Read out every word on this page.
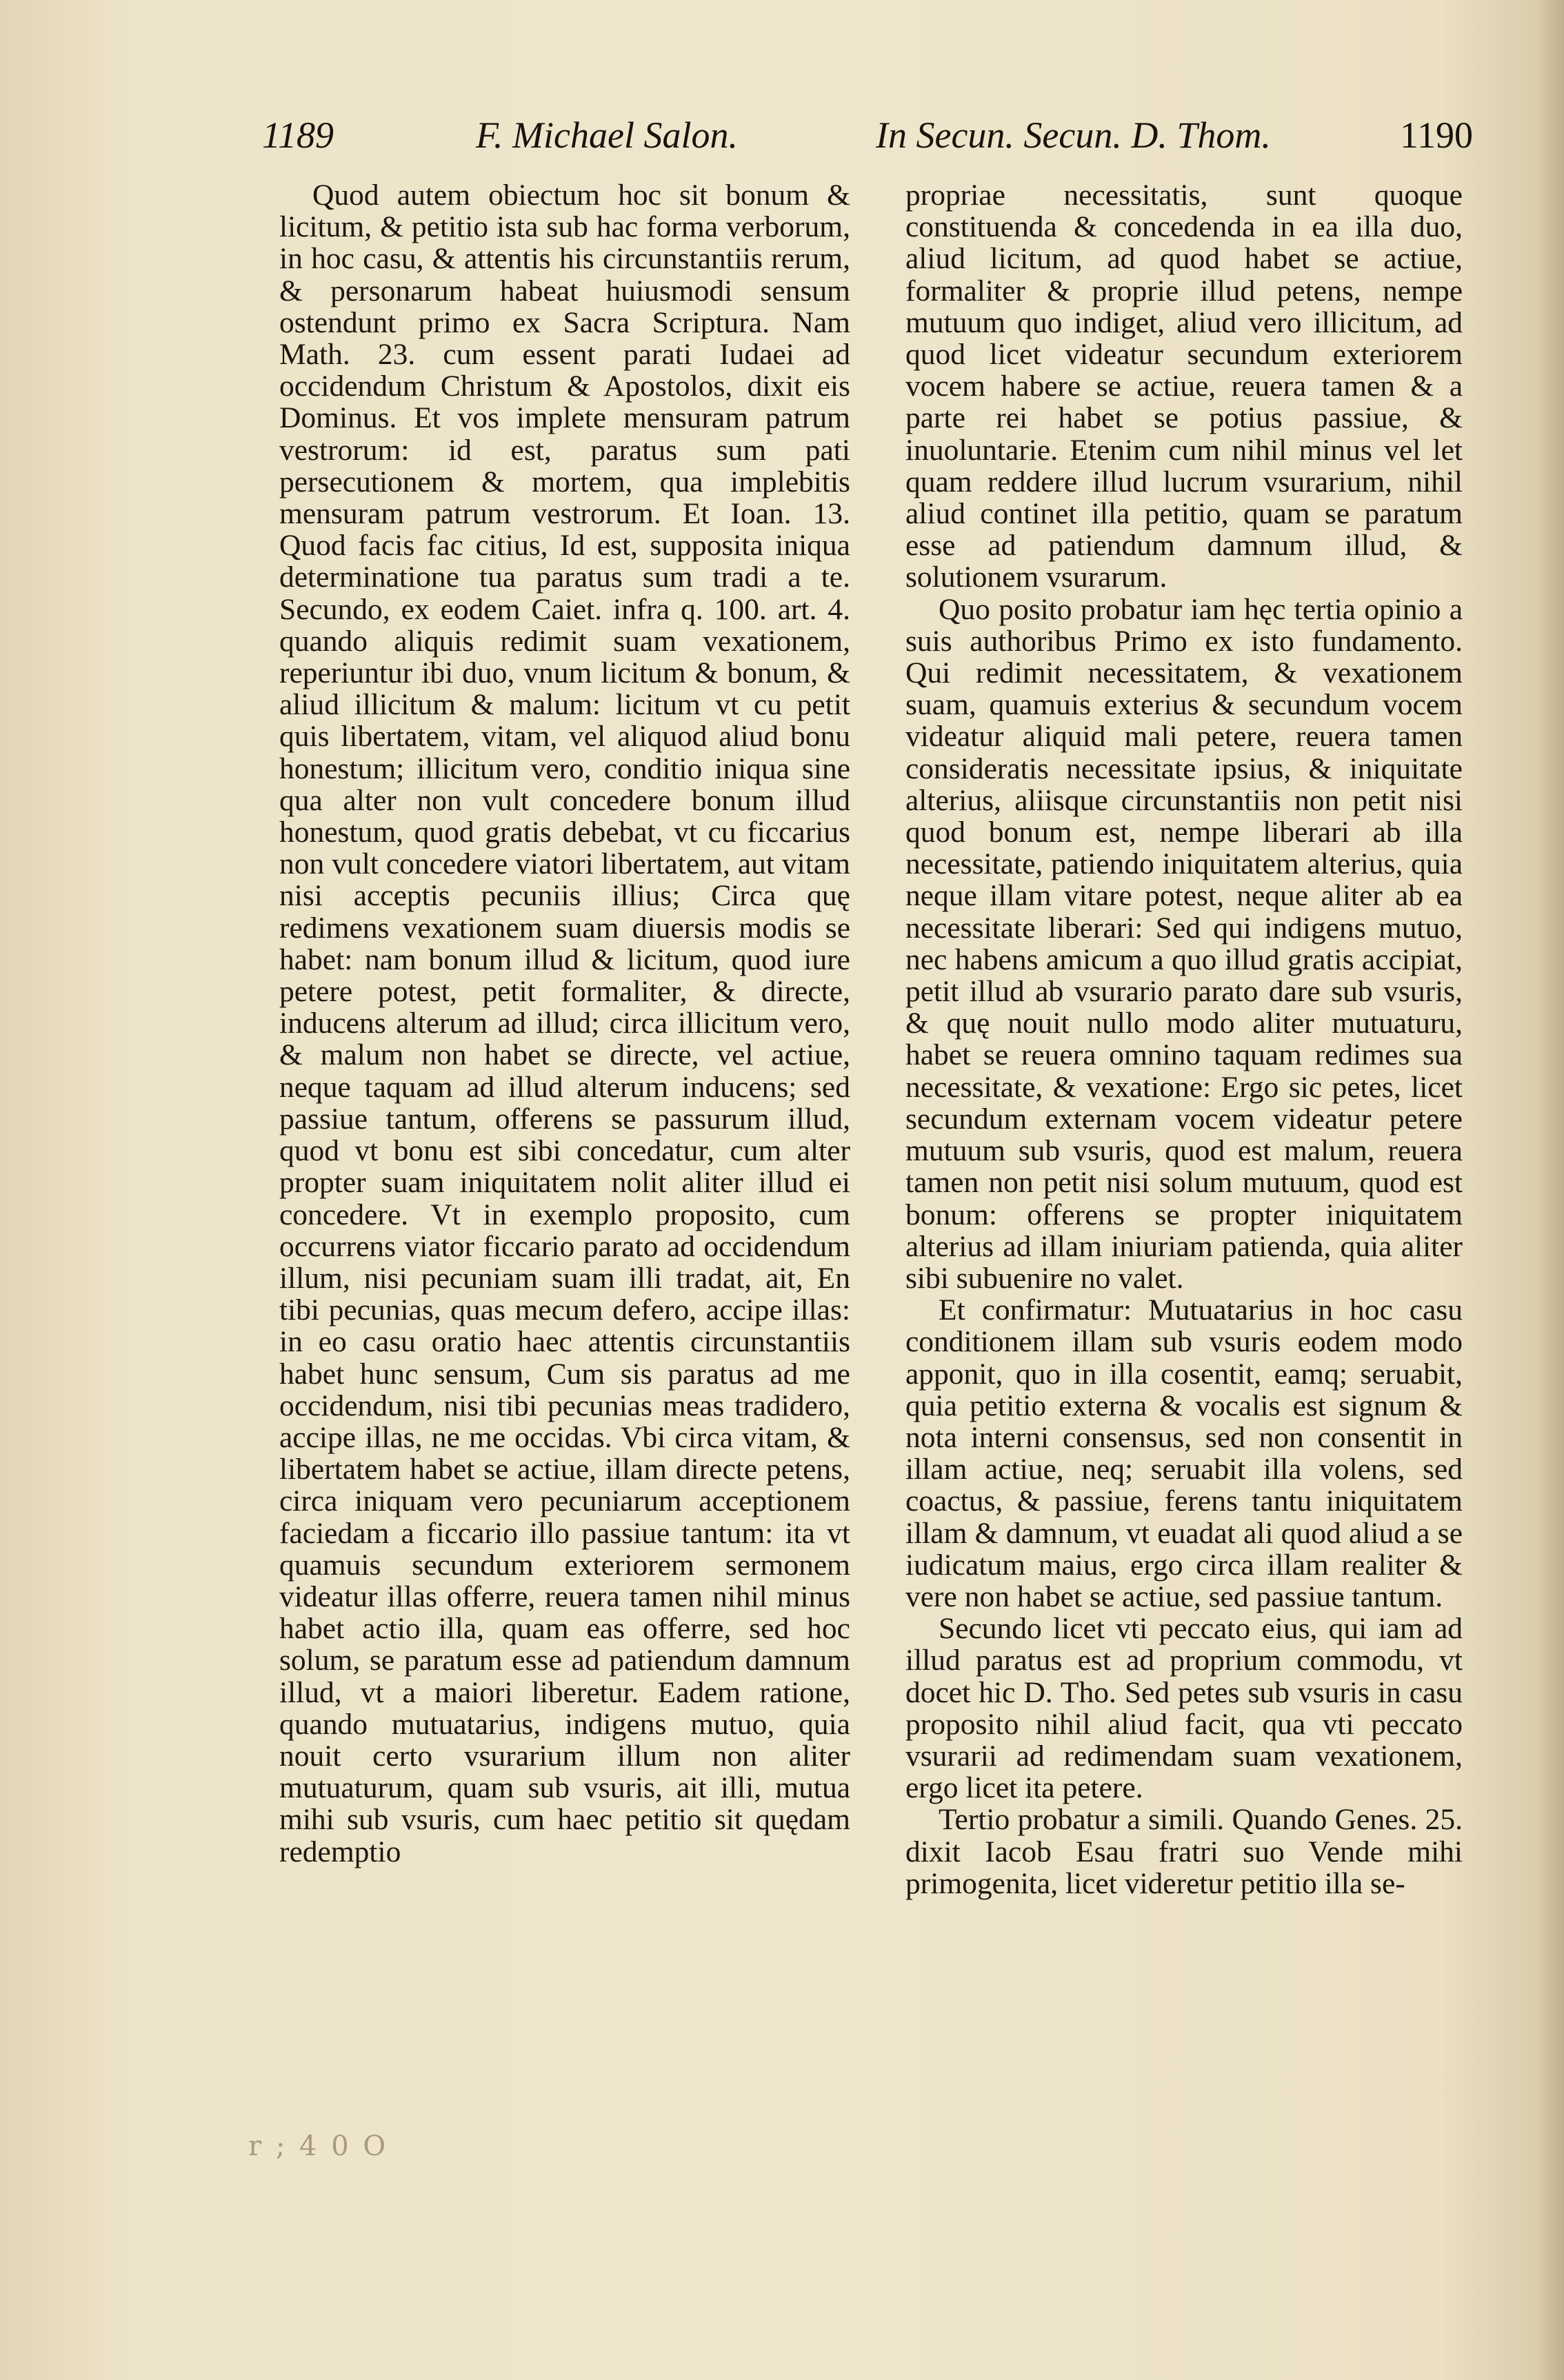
1189	F. Michael Salon.	In Secun. Secun. D. Thom.	1190

Quod autem obiectum hoc sit bonum & licitum, & petitio ista sub hac forma verborum, in hoc casu, & attentis his circunstantiis rerum, & personarum habeat huiusmodi sensum ostendunt primo ex Sacra Scriptura. Nam Math. 23. cum essent parati Iudaei ad occidendum Christum & Apostolos, dixit eis Dominus. Et vos implete mensuram patrum vestrorum: id est, paratus sum pati persecutionem & mortem, qua implebitis mensuram patrum vestrorum. Et Ioan. 13. Quod facis fac citius, Id est, supposita iniqua determinatione tua paratus sum tradi a te. Secundo, ex eodem Caiet. infra q. 100. art. 4. quando aliquis redimit suam vexationem, reperiuntur ibi duo, vnum licitum & bonum, & aliud illicitum & malum: licitum vt cu petit quis libertatem, vitam, vel aliquod aliud bonu honestum; illicitum vero, conditio iniqua sine qua alter non vult concedere bonum illud honestum, quod gratis debebat, vt cu ficcarius non vult concedere viatori libertatem, aut vitam nisi acceptis pecuniis illius; Circa quę redimens vexationem suam diuersis modis se habet: nam bonum illud & licitum, quod iure petere potest, petit formaliter, & directe, inducens alterum ad illud; circa illicitum vero, & malum non habet se directe, vel actiue, neque taquam ad illud alterum inducens; sed passiue tantum, offerens se passurum illud, quod vt bonu est sibi concedatur, cum alter propter suam iniquitatem nolit aliter illud ei concedere. Vt in exemplo proposito, cum occurrens viator ficcario parato ad occidendum illum, nisi pecuniam suam illi tradat, ait, En tibi pecunias, quas mecum defero, accipe illas: in eo casu oratio haec attentis circunstantiis habet hunc sensum, Cum sis paratus ad me occidendum, nisi tibi pecunias meas tradidero, accipe illas, ne me occidas. Vbi circa vitam, & libertatem habet se actiue, illam directe petens, circa iniquam vero pecuniarum acceptionem faciedam a ficcario illo passiue tantum: ita vt quamuis secundum exteriorem sermonem videatur illas offerre, reuera tamen nihil minus habet actio illa, quam eas offerre, sed hoc solum, se paratum esse ad patiendum damnum illud, vt a maiori liberetur. Eadem ratione, quando mutuatarius, indigens mutuo, quia nouit certo vsurarium illum non aliter mutuaturum, quam sub vsuris, ait illi, mutua mihi sub vsuris, cum haec petitio sit quędam redemptio

propriae necessitatis, sunt quoque constituenda & concedenda in ea illa duo, aliud licitum, ad quod habet se actiue, formaliter & proprie illud petens, nempe mutuum quo indiget, aliud vero illicitum, ad quod licet videatur secundum exteriorem vocem habere se actiue, reuera tamen & a parte rei habet se potius passiue, & inuoluntarie. Etenim cum nihil minus vel let quam reddere illud lucrum vsurarium, nihil aliud continet illa petitio, quam se paratum esse ad patiendum damnum illud, & solutionem vsurarum.

Quo posito probatur iam hęc tertia opinio a suis authoribus Primo ex isto fundamento. Qui redimit necessitatem, & vexationem suam, quamuis exterius & secundum vocem videatur aliquid mali petere, reuera tamen consideratis necessitate ipsius, & iniquitate alterius, aliisque circunstantiis non petit nisi quod bonum est, nempe liberari ab illa necessitate, patiendo iniquitatem alterius, quia neque illam vitare potest, neque aliter ab ea necessitate liberari: Sed qui indigens mutuo, nec habens amicum a quo illud gratis accipiat, petit illud ab vsurario parato dare sub vsuris, & quę nouit nullo modo aliter mutuaturu, habet se reuera omnino taquam redimes sua necessitate, & vexatione: Ergo sic petes, licet secundum externam vocem videatur petere mutuum sub vsuris, quod est malum, reuera tamen non petit nisi solum mutuum, quod est bonum: offerens se propter iniquitatem alterius ad illam iniuriam patienda, quia aliter sibi subuenire no valet.

Et confirmatur: Mutuatarius in hoc casu conditionem illam sub vsuris eodem modo apponit, quo in illa cosentit, eamq; seruabit, quia petitio externa & vocalis est signum & nota interni consensus, sed non consentit in illam actiue, neq; seruabit illa volens, sed coactus, & passiue, ferens tantu iniquitatem illam & damnum, vt euadat ali quod aliud a se iudicatum maius, ergo circa illam realiter & vere non habet se actiue, sed passiue tantum.

Secundo licet vti peccato eius, qui iam ad illud paratus est ad proprium commodu, vt docet hic D. Tho. Sed petes sub vsuris in casu proposito nihil aliud facit, qua vti peccato vsurarii ad redimendam suam vexationem, ergo licet ita petere.

Tertio probatur a simili. Quando Genes. 25. dixit Iacob Esau fratri suo Vende mihi primogenita, licet videretur petitio illa se-

r ; 4 0 O
